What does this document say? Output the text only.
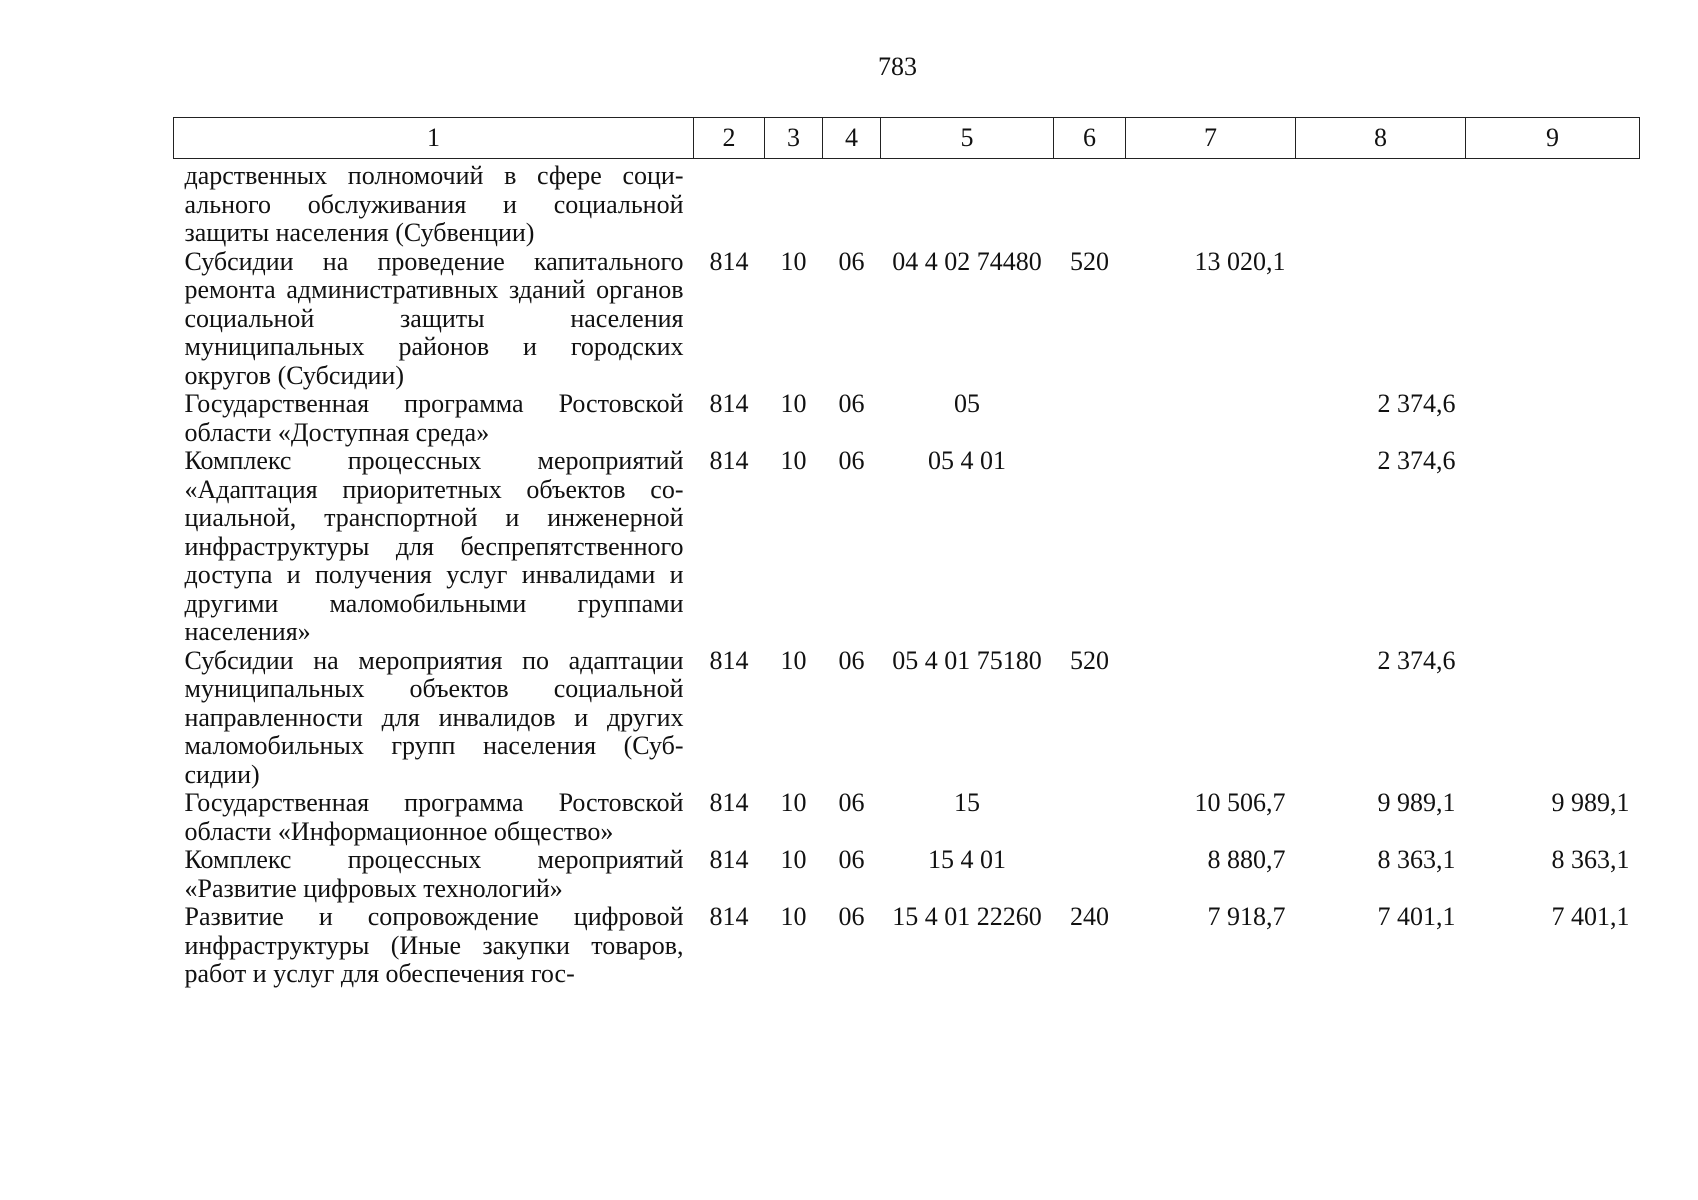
783
1	2	3	4	5	6	7	8	9
дарственных полномочий в сфере социального обслуживания и социальной защиты населения (Субвенции)								
Субсидии на проведение капитального ремонта административных зданий органов социальной защиты населения муниципальных районов и городских округов (Субсидии)	814	10	06	04 4 02 74480	520	13 020,1		
Государственная программа Ростовской области «Доступная среда»	814	10	06	05			2 374,6	
Комплекс процессных мероприятий «Адаптация приоритетных объектов социальной, транспортной и инженерной инфраструктуры для беспрепятственного доступа и получения услуг инвалидами и другими маломобильными группами населения»	814	10	06	05 4 01			2 374,6	
Субсидии на мероприятия по адаптации муниципальных объектов социальной направленности для инвалидов и других маломобильных групп населения (Субсидии)	814	10	06	05 4 01 75180	520		2 374,6	
Государственная программа Ростовской области «Информационное общество»	814	10	06	15		10 506,7	9 989,1	9 989,1
Комплекс процессных мероприятий «Развитие цифровых технологий»	814	10	06	15 4 01		8 880,7	8 363,1	8 363,1
Развитие и сопровождение цифровой инфраструктуры (Иные закупки товаров, работ и услуг для обеспечения гос-	814	10	06	15 4 01 22260	240	7 918,7	7 401,1	7 401,1
